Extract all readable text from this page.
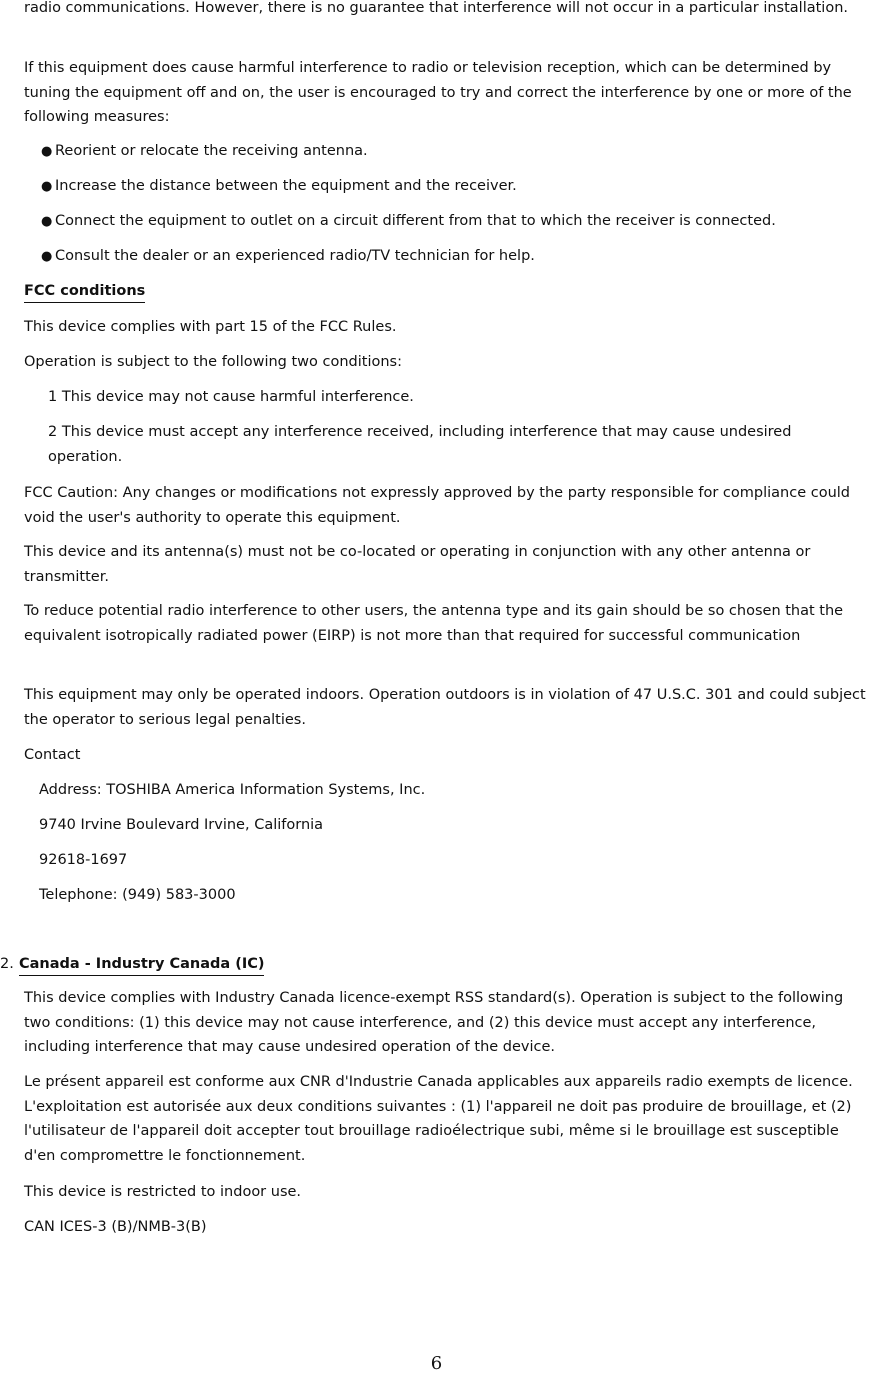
radio communications. However, there is no guarantee that interference will not occur in a particular installation.

If this equipment does cause harmful interference to radio or television reception, which can be determined by tuning the equipment off and on, the user is encouraged to try and correct the interference by one or more of the following measures:

● Reorient or relocate the receiving antenna.
● Increase the distance between the equipment and the receiver.
● Connect the equipment to outlet on a circuit different from that to which the receiver is connected.
● Consult the dealer or an experienced radio/TV technician for help.
FCC conditions

This device complies with part 15 of the FCC Rules.

Operation is subject to the following two conditions:

1 This device may not cause harmful interference.

2 This device must accept any interference received, including interference that may cause undesired operation.

FCC Caution: Any changes or modifications not expressly approved by the party responsible for compliance could void the user's authority to operate this equipment.

This device and its antenna(s) must not be co-located or operating in conjunction with any other antenna or transmitter.

To reduce potential radio interference to other users, the antenna type and its gain should be so chosen that the equivalent isotropically radiated power (EIRP) is not more than that required for successful communication

This equipment may only be operated indoors. Operation outdoors is in violation of 47 U.S.C. 301 and could subject the operator to serious legal penalties.

Contact

Address: TOSHIBA America Information Systems, Inc.

9740 Irvine Boulevard Irvine, California

92618-1697

Telephone: (949) 583-3000

2. Canada - Industry Canada (IC)

This device complies with Industry Canada licence-exempt RSS standard(s). Operation is subject to the following two conditions: (1) this device may not cause interference, and (2) this device must accept any interference, including interference that may cause undesired operation of the device.

Le présent appareil est conforme aux CNR d'Industrie Canada applicables aux appareils radio exempts de licence. L'exploitation est autorisée aux deux conditions suivantes : (1) l'appareil ne doit pas produire de brouillage, et (2) l'utilisateur de l'appareil doit accepter tout brouillage radioélectrique subi, même si le brouillage est susceptible d'en compromettre le fonctionnement.

This device is restricted to indoor use.

CAN ICES-3 (B)/NMB-3(B)

6
